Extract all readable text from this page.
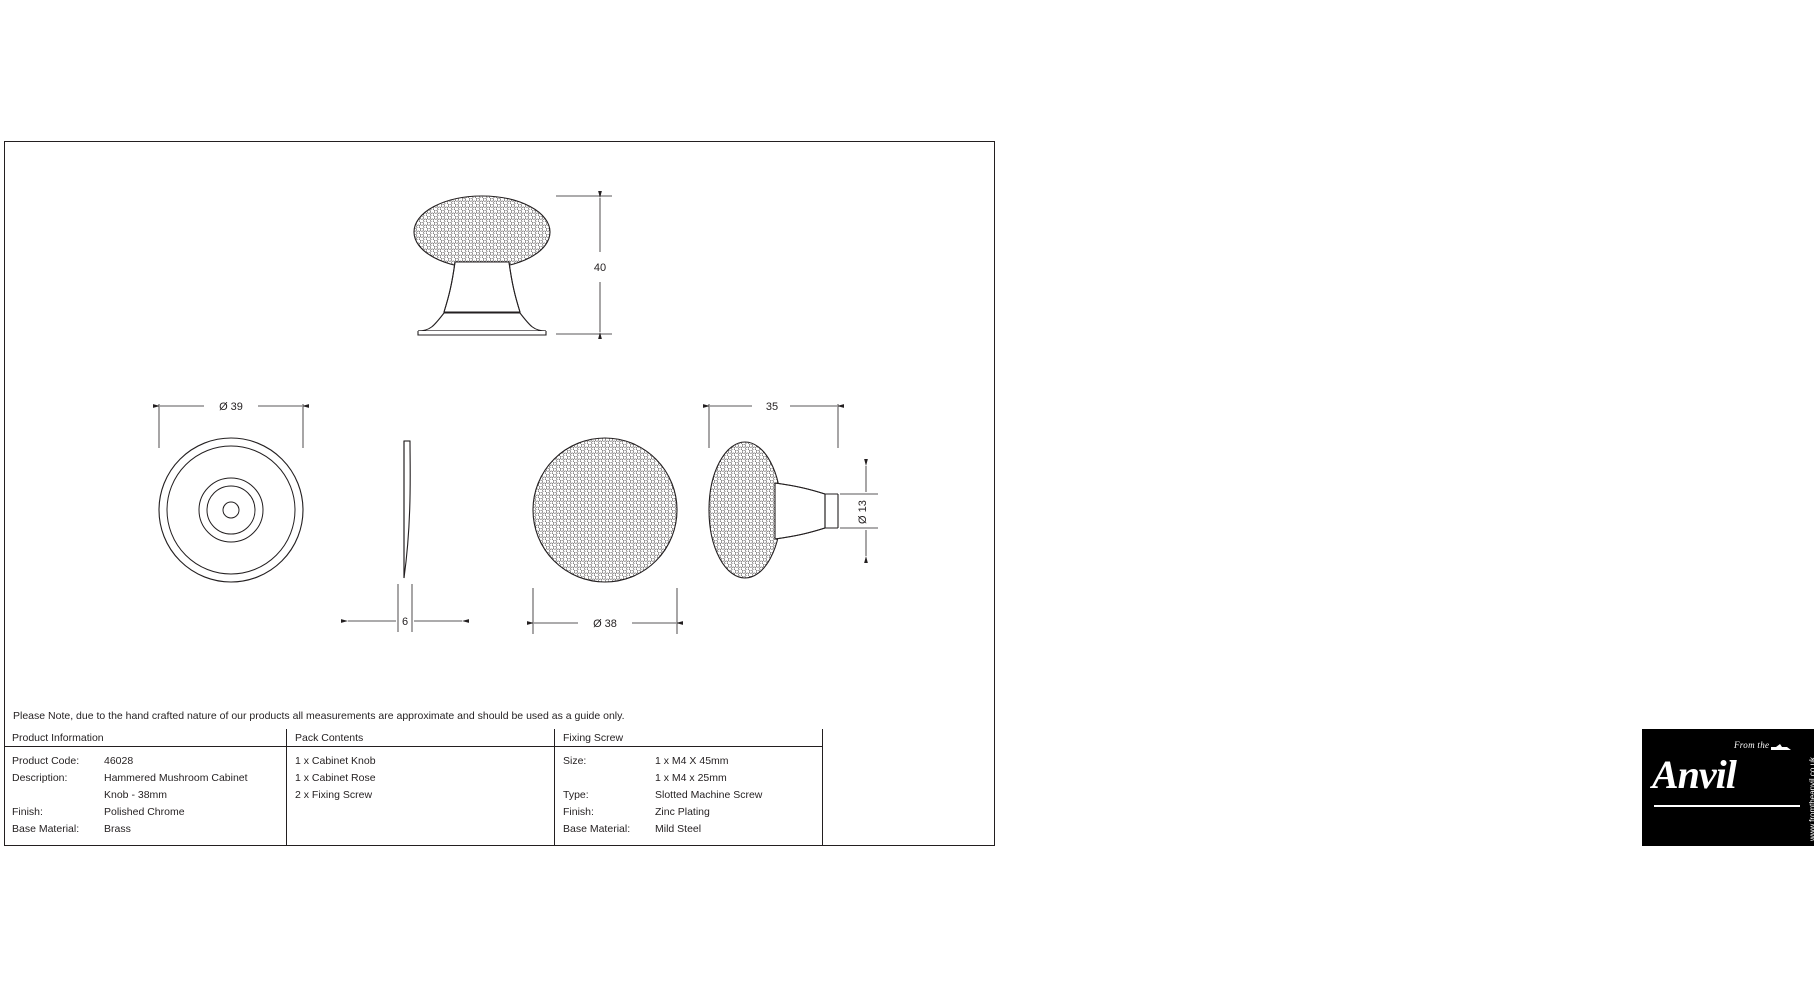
40
Ø 39
6	Ø 38
35
Ø 13
Please Note, due to the hand crafted nature of our products all measurements are approximate and should be used as a guide only.
Product Information
Product Code:	46028
Description:	Hammered Mushroom Cabinet
Knob - 38mm
Finish:	Polished Chrome
Base Material:	Brass
Pack Contents
1 x Cabinet Knob
1 x Cabinet Rose
2 x Fixing Screw
Fixing Screw
Size:	1 x M4 X 45mm
1 x M4 x 25mm
Type:	Slotted Machine Screw
Finish:	Zinc Plating
Base Material:	Mild Steel
From the
Anvil	www.fromtheanvil.co.uk
